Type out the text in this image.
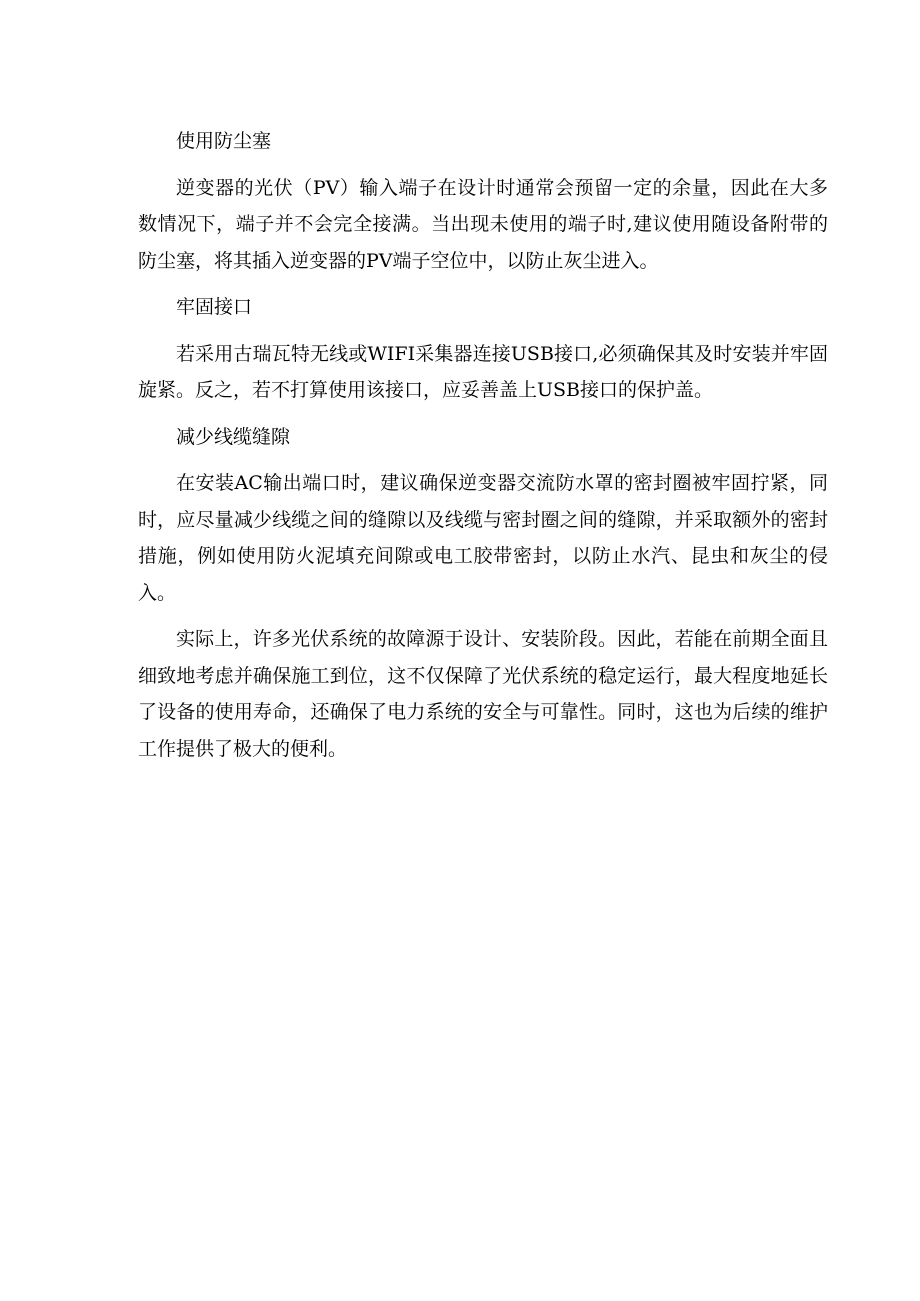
使用防尘塞

逆变器的光伏（PV）输入端子在设计时通常会预留一定的余量，因此在大多数情况下，端子并不会完全接满。当出现未使用的端子时,建议使用随设备附带的防尘塞，将其插入逆变器的PV端子空位中，以防止灰尘进入。

牢固接口

若采用古瑞瓦特无线或WIFI采集器连接USB接口,必须确保其及时安装并牢固旋紧。反之，若不打算使用该接口，应妥善盖上USB接口的保护盖。

减少线缆缝隙

在安装AC输出端口时，建议确保逆变器交流防水罩的密封圈被牢固拧紧，同时，应尽量减少线缆之间的缝隙以及线缆与密封圈之间的缝隙，并采取额外的密封措施，例如使用防火泥填充间隙或电工胶带密封，以防止水汽、昆虫和灰尘的侵入。

实际上，许多光伏系统的故障源于设计、安装阶段。因此，若能在前期全面且细致地考虑并确保施工到位，这不仅保障了光伏系统的稳定运行，最大程度地延长了设备的使用寿命，还确保了电力系统的安全与可靠性。同时，这也为后续的维护工作提供了极大的便利。
